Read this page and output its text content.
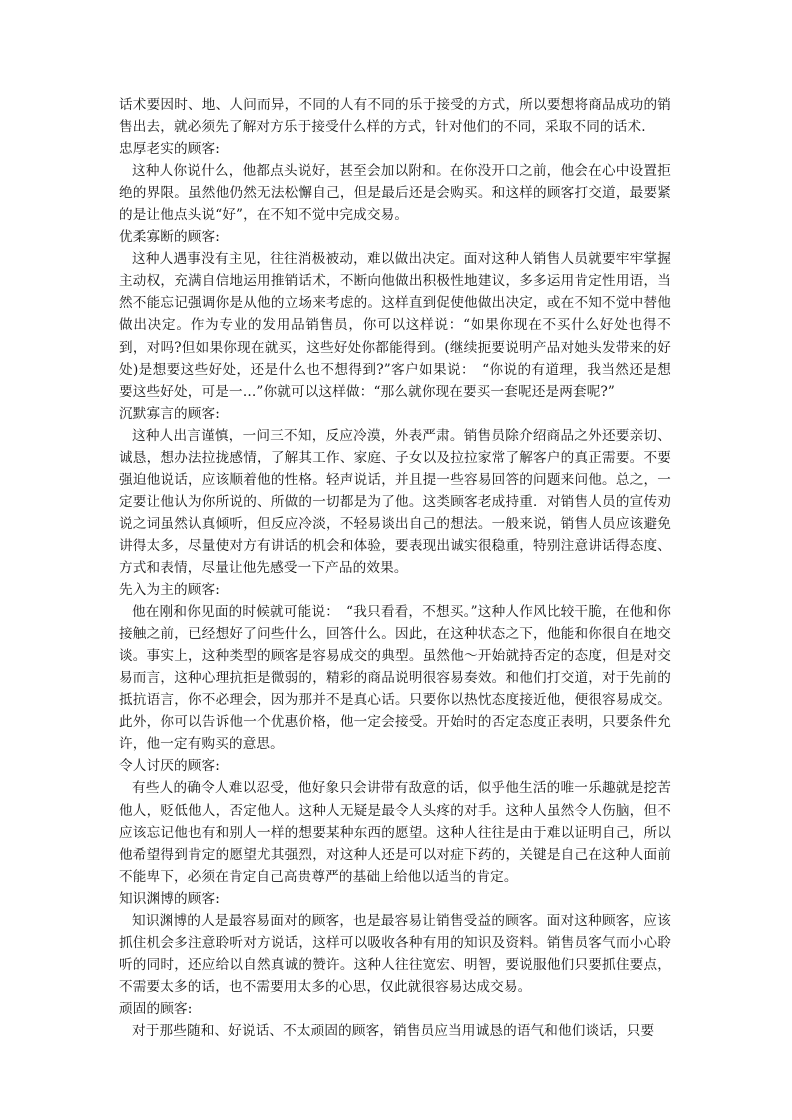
话术要因时、地、人问而异，不同的人有不同的乐于接受的方式，所以要想将商品成功的销售出去，就必须先了解对方乐于接受什么样的方式，针对他们的不同，采取不同的话术.

忠厚老实的顾客:

这种人你说什么，他都点头说好，甚至会加以附和。在你没开口之前，他会在心中设置拒绝的界限。虽然他仍然无法松懈自己，但是最后还是会购买。和这样的顾客打交道，最要紧的是让他点头说“好”，在不知不觉中完成交易。

优柔寡断的顾客:

这种人遇事没有主见，往往消极被动，难以做出决定。面对这种人销售人员就要牢牢掌握主动权，充满自信地运用推销话术，不断向他做出积极性地建议，多多运用肯定性用语，当然不能忘记强调你是从他的立场来考虑的。这样直到促使他做出决定，或在不知不觉中替他做出决定。作为专业的发用品销售员，你可以这样说：“如果你现在不买什么好处也得不到，对吗?但如果你现在就买，这些好处你都能得到。(继续扼要说明产品对她头发带来的好处)是想要这些好处，还是什么也不想得到?”客户如果说：　“你说的有道理，我当然还是想要这些好处，可是一…”你就可以这样做：“那么就你现在要买一套呢还是两套呢?”

沉默寡言的顾客:

这种人出言谨慎，一问三不知，反应冷漠，外表严肃。销售员除介绍商品之外还要亲切、诚恳，想办法拉拢感情，了解其工作、家庭、子女以及拉拉家常了解客户的真正需要。不要强迫他说话，应该顺着他的性格。轻声说话，并且提一些容易回答的问题来问他。总之，一定要让他认为你所说的、所做的一切都是为了他。这类顾客老成持重．对销售人员的宣传劝说之词虽然认真倾听，但反应冷淡，不轻易谈出自己的想法。一般来说，销售人员应该避免讲得太多，尽量使对方有讲话的机会和体验，要表现出诚实很稳重，特别注意讲话得态度、方式和表情，尽量让他先感受一下产品的效果。

先入为主的顾客:

他在刚和你见面的时候就可能说：　“我只看看，不想买。”这种人作风比较干脆，在他和你接触之前，已经想好了问些什么，回答什么。因此，在这种状态之下，他能和你很自在地交谈。事实上，这种类型的顾客是容易成交的典型。虽然他～开始就持否定的态度，但是对交易而言，这种心理抗拒是微弱的，精彩的商品说明很容易奏效。和他们打交道，对于先前的抵抗语言，你不必理会，因为那并不是真心话。只要你以热忱态度接近他，便很容易成交。此外，你可以告诉他一个优惠价格，他一定会接受。开始时的否定态度正表明，只要条件允许，他一定有购买的意思。

令人讨厌的顾客:

有些人的确令人难以忍受，他好象只会讲带有敌意的话，似乎他生活的唯一乐趣就是挖苦他人，贬低他人，否定他人。这种人无疑是最令人头疼的对手。这种人虽然令人伤脑，但不应该忘记他也有和别人一样的想要某种东西的愿望。这种人往往是由于难以证明自己，所以他希望得到肯定的愿望尤其强烈，对这种人还是可以对症下药的，关键是自己在这种人面前不能卑下，必须在肯定自己高贵尊严的基础上给他以适当的肯定。

知识渊博的顾客:

知识渊博的人是最容易面对的顾客，也是最容易让销售受益的顾客。面对这种顾客，应该抓住机会多注意聆听对方说话，这样可以吸收各种有用的知识及资料。销售员客气而小心聆听的同时，还应给以自然真诚的赞许。这种人往往宽宏、明智，要说服他们只要抓住要点，不需要太多的话，也不需要用太多的心思，仅此就很容易达成交易。

顽固的顾客:

对于那些随和、好说话、不太顽固的顾客，销售员应当用诚恳的语气和他们谈话，只要
